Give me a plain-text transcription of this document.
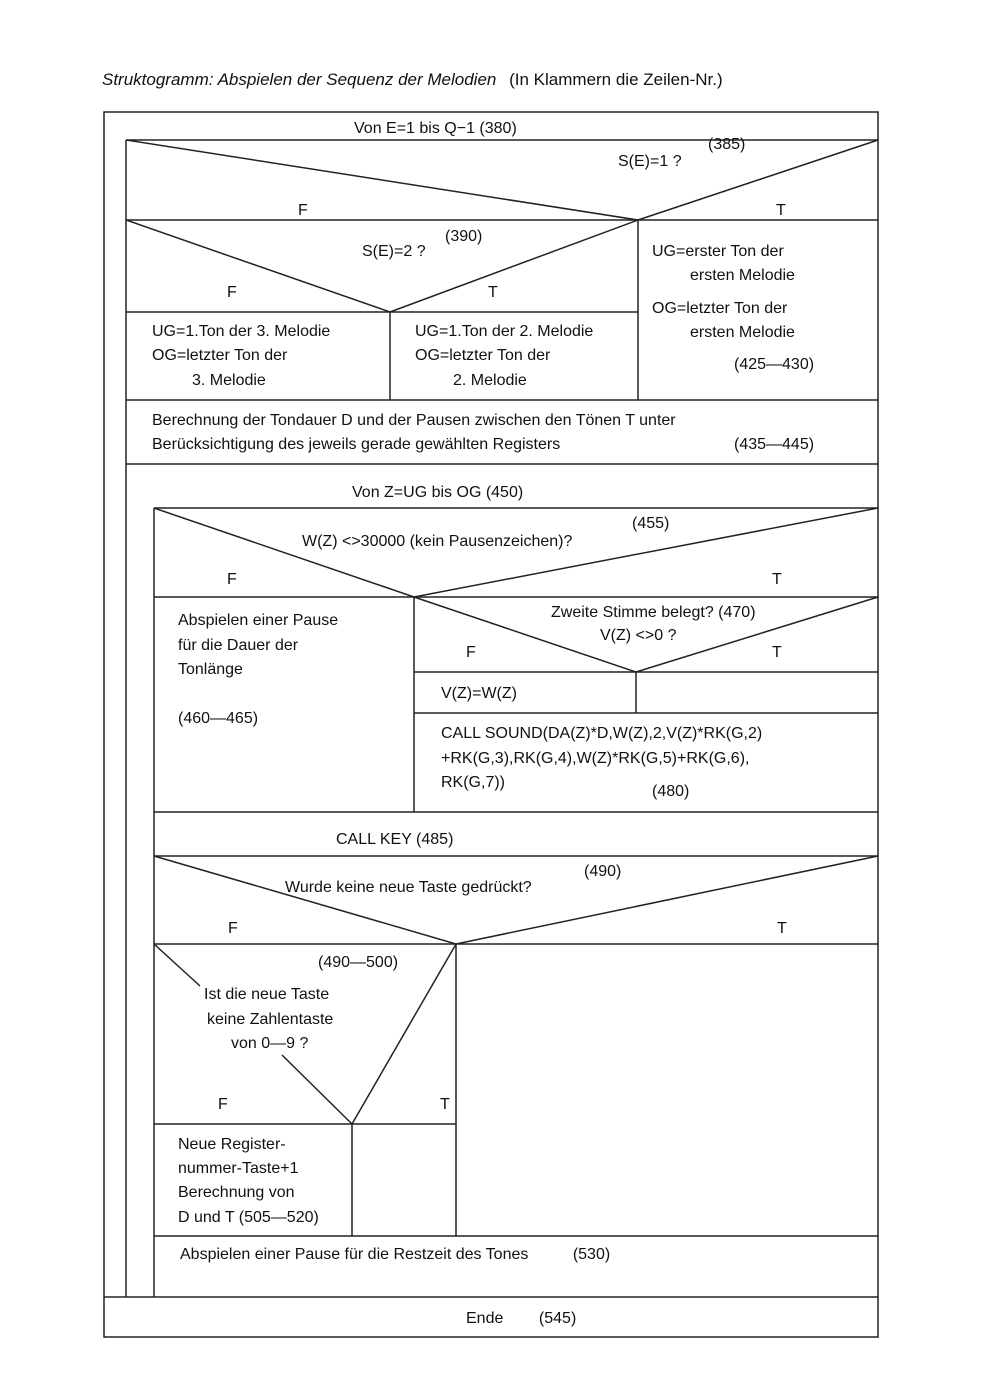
Struktogramm: Abspielen der Sequenz der Melodien (In Klammern die Zeilen-Nr.)
Von E=1 bis Q−1 (380)
(385)
S(E)=1 ?
F	T
(390)
S(E)=2 ?
F	T
UG=erster Ton der
ersten Melodie
OG=letzter Ton der
ersten Melodie
(425—430)
UG=1.Ton der 3. Melodie
OG=letzter Ton der
3. Melodie
UG=1.Ton der 2. Melodie
OG=letzter Ton der
2. Melodie
Berechnung der Tondauer D und der Pausen zwischen den Tönen T unter
Berücksichtigung des jeweils gerade gewählten Registers	(435—445)
Von Z=UG bis OG (450)
(455)
W(Z) <>30000 (kein Pausenzeichen)?
F	T
Abspielen einer Pause
für die Dauer der
Tonlänge
(460—465)
Zweite Stimme belegt? (470)
V(Z) <>0 ?
F	T
V(Z)=W(Z)
CALL SOUND(DA(Z)*D,W(Z),2,V(Z)*RK(G,2)
+RK(G,3),RK(G,4),W(Z)*RK(G,5)+RK(G,6),
RK(G,7))
(480)
CALL KEY (485)
(490)
Wurde keine neue Taste gedrückt?
F	T
(490—500)
Ist die neue Taste
keine Zahlentaste
von 0—9 ?
F	T
Neue Register-
nummer-Taste+1
Berechnung von
D und T (505—520)
Abspielen einer Pause für die Restzeit des Tones          (530)
Ende        (545)
